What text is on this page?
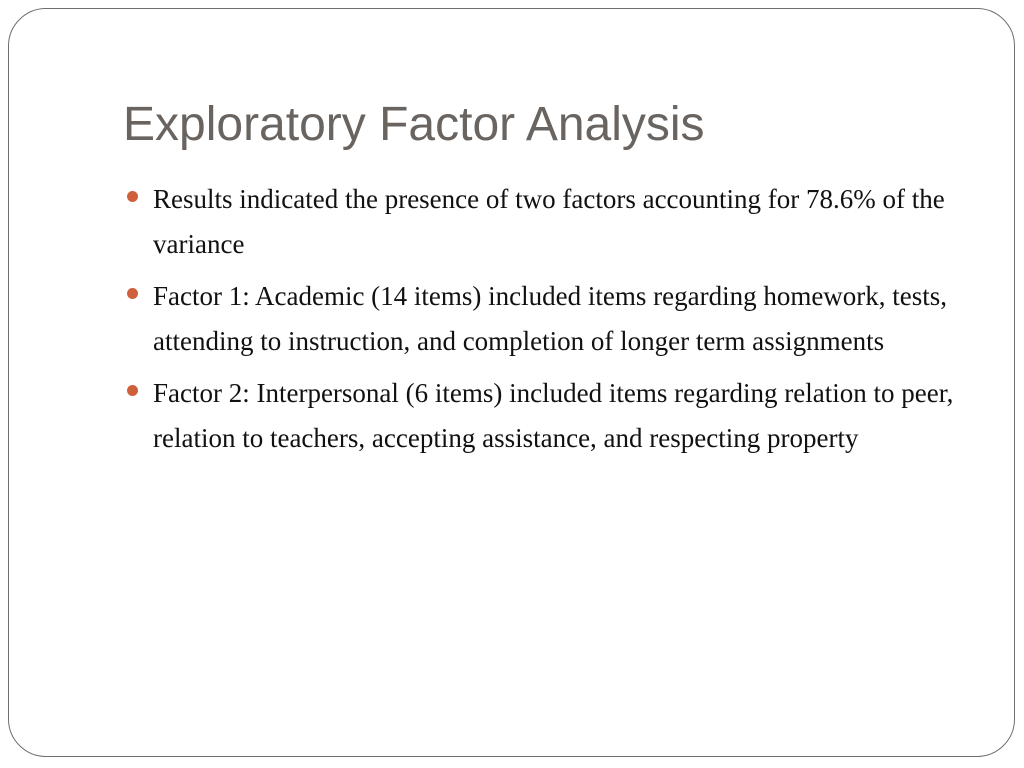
Exploratory Factor Analysis
Results indicated the presence of two factors accounting for 78.6% of the variance
Factor 1: Academic (14 items) included items regarding homework, tests, attending to instruction, and completion of longer term assignments
Factor 2: Interpersonal (6 items) included items regarding relation to peer, relation to teachers, accepting assistance, and respecting property
